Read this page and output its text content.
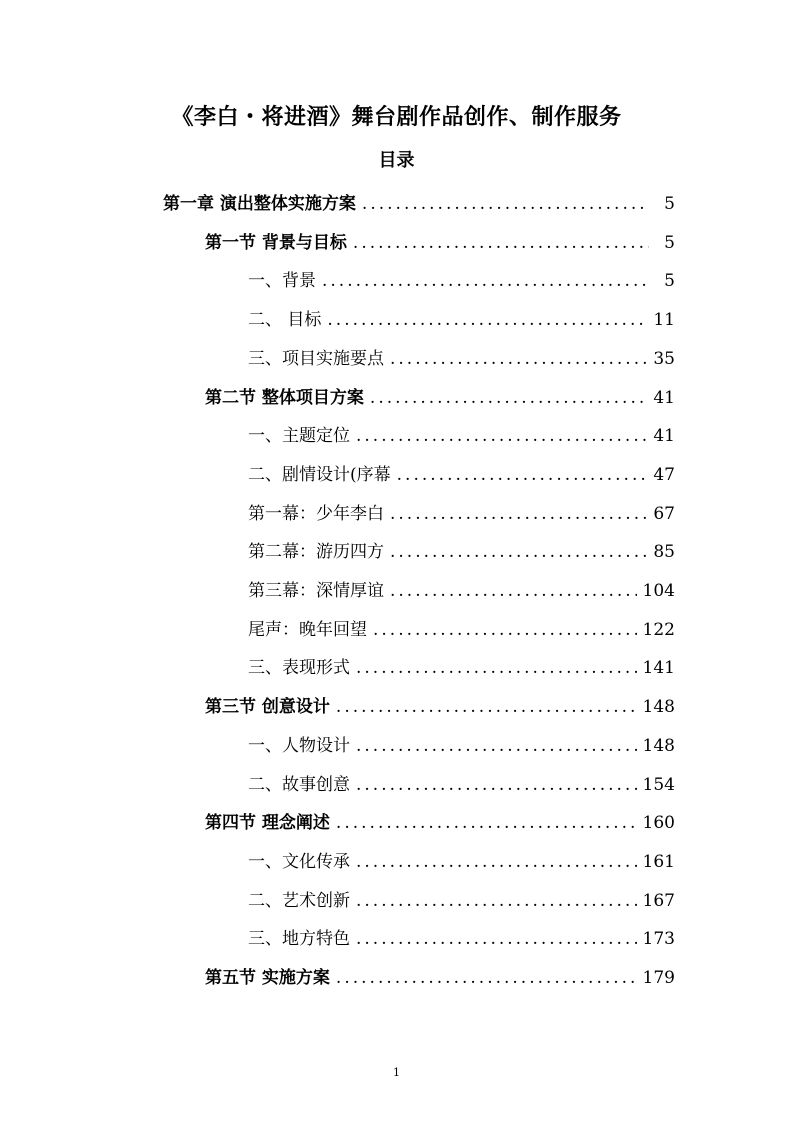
《李白・将进酒》舞台剧作品创作、制作服务
目录
第一章 演出整体实施方案 .....	5
第一节 背景与目标 .....	5
一、背景 .....	5
二、 目标 .....	11
三、项目实施要点 .....	35
第二节 整体项目方案 .....	41
一、主题定位 .....	41
二、剧情设计(序幕 .....	47
第一幕：少年李白 .....	67
第二幕：游历四方 .....	85
第三幕：深情厚谊 .....	104
尾声：晚年回望 .....	122
三、表现形式 .....	141
第三节 创意设计 .....	148
一、人物设计 .....	148
二、故事创意 .....	154
第四节 理念阐述 .....	160
一、文化传承 .....	161
二、艺术创新 .....	167
三、地方特色 .....	173
第五节 实施方案 .....	179
1
